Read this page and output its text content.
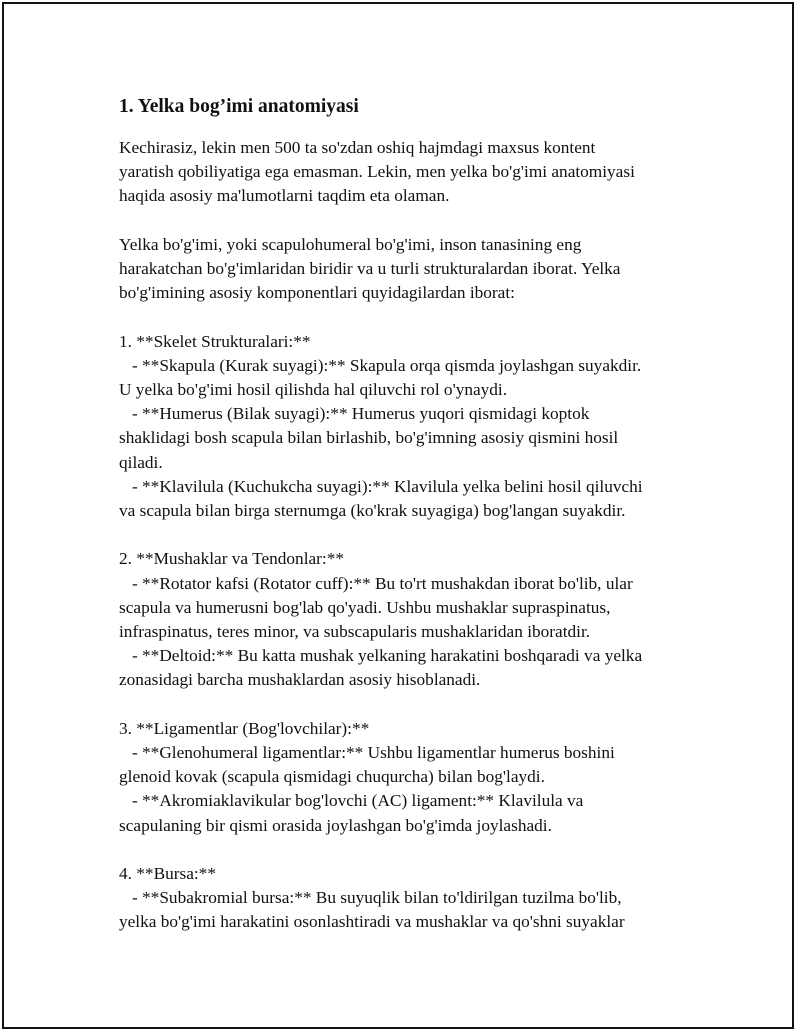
1. Yelka bog’imi anatomiyasi

Kechirasiz, lekin men 500 ta so'zdan oshiq hajmdagi maxsus kontent

yaratish qobiliyatiga ega emasman. Lekin, men yelka bo'g'imi anatomiyasi

haqida asosiy ma'lumotlarni taqdim eta olaman.

Yelka bo'g'imi, yoki scapulohumeral bo'g'imi, inson tanasining eng

harakatchan bo'g'imlaridan biridir va u turli strukturalardan iborat. Yelka

bo'g'imining asosiy komponentlari quyidagilardan iborat:

1. **Skelet Strukturalari:**

- **Skapula (Kurak suyagi):** Skapula orqa qismda joylashgan suyakdir.

U yelka bo'g'imi hosil qilishda hal qiluvchi rol o'ynaydi.

- **Humerus (Bilak suyagi):** Humerus yuqori qismidagi koptok

shaklidagi bosh scapula bilan birlashib, bo'g'imning asosiy qismini hosil

qiladi.

- **Klavilula (Kuchukcha suyagi):** Klavilula yelka belini hosil qiluvchi

va scapula bilan birga sternumga (ko'krak suyagiga) bog'langan suyakdir.

2. **Mushaklar va Tendonlar:**

- **Rotator kafsi (Rotator cuff):** Bu to'rt mushakdan iborat bo'lib, ular

scapula va humerusni bog'lab qo'yadi. Ushbu mushaklar supraspinatus,

infraspinatus, teres minor, va subscapularis mushaklaridan iboratdir.

- **Deltoid:** Bu katta mushak yelkaning harakatini boshqaradi va yelka

zonasidagi barcha mushaklardan asosiy hisoblanadi.

3. **Ligamentlar (Bog'lovchilar):**

- **Glenohumeral ligamentlar:** Ushbu ligamentlar humerus boshini

glenoid kovak (scapula qismidagi chuqurcha) bilan bog'laydi.

- **Akromiaklavikular bog'lovchi (AC) ligament:** Klavilula va

scapulaning bir qismi orasida joylashgan bo'g'imda joylashadi.

4. **Bursa:**

- **Subakromial bursa:** Bu suyuqlik bilan to'ldirilgan tuzilma bo'lib,

yelka bo'g'imi harakatini osonlashtiradi va mushaklar va qo'shni suyaklar
